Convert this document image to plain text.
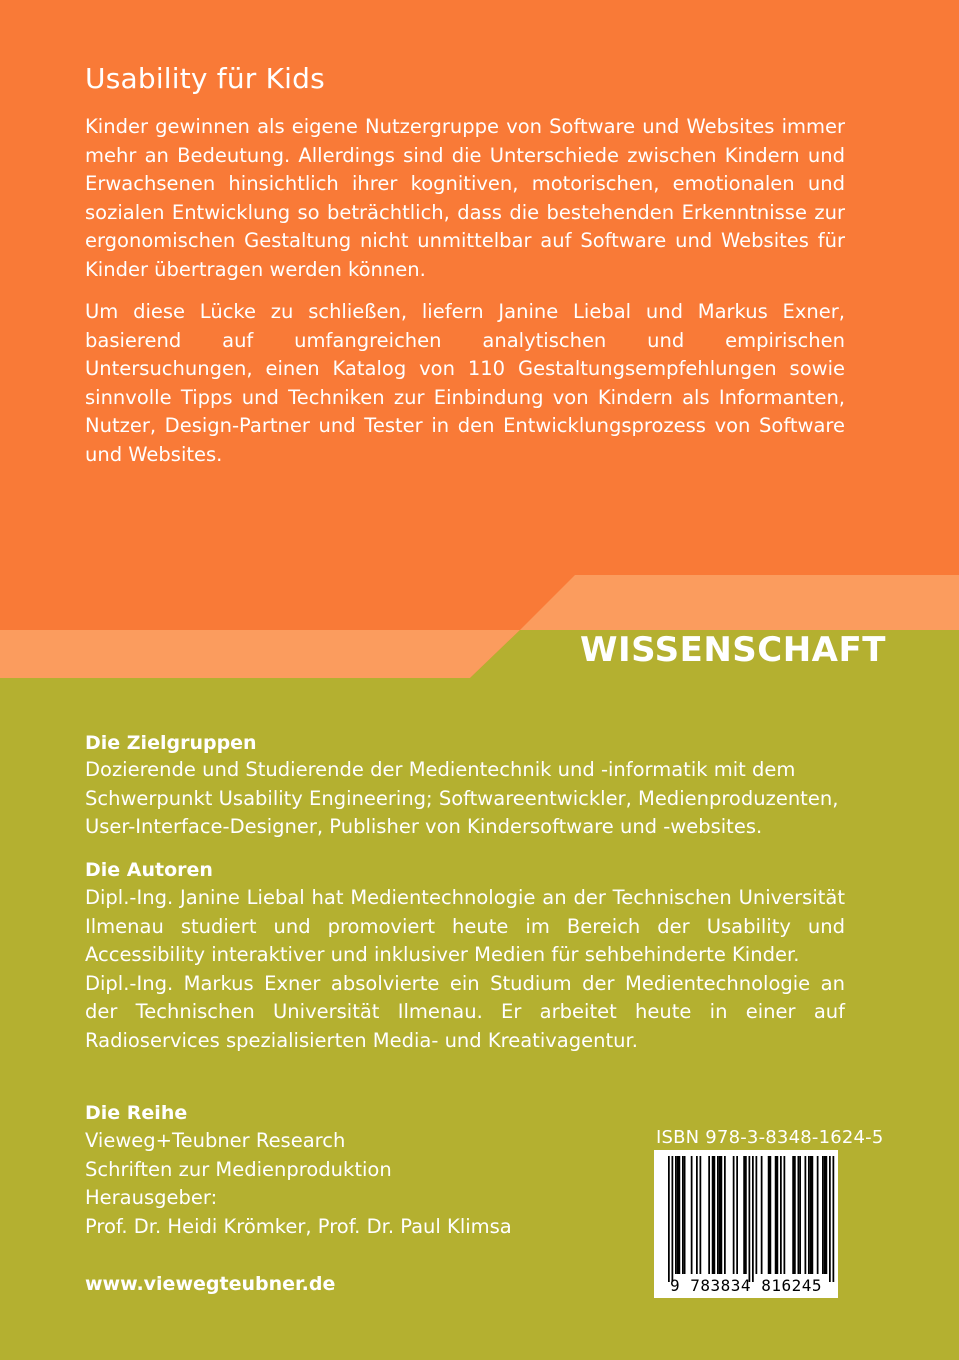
Usability für Kids

Kinder gewinnen als eigene Nutzergruppe von Software und Websites immer mehr an Bedeutung. Allerdings sind die Unterschiede zwischen Kindern und Erwachsenen hinsichtlich ihrer kognitiven, motorischen, emotionalen und sozialen Entwicklung so beträchtlich, dass die bestehenden Erkenntnisse zur ergonomischen Gestaltung nicht unmittelbar auf Software und Websites für Kinder übertragen werden können.

Um diese Lücke zu schließen, liefern Janine Liebal und Markus Exner, basierend auf umfangreichen analytischen und empirischen Untersuchungen, einen Katalog von 110 Gestaltungsempfehlungen sowie sinnvolle Tipps und Techniken zur Einbindung von Kindern als Informanten, Nutzer, Design-Partner und Tester in den Entwicklungsprozess von Software und Websites.

WISSENSCHAFT

Die Zielgruppen

Dozierende und Studierende der Medientechnik und -informatik mit dem Schwerpunkt Usability Engineering; Softwareentwickler, Medienproduzenten, User-Interface-Designer, Publisher von Kindersoftware und -websites.

Die Autoren

Dipl.-Ing. Janine Liebal hat Medientechnologie an der Technischen Universität Ilmenau studiert und promoviert heute im Bereich der Usability und Accessibility interaktiver und inklusiver Medien für sehbehinderte Kinder.
Dipl.-Ing. Markus Exner absolvierte ein Studium der Medientechnologie an der Technischen Universität Ilmenau. Er arbeitet heute in einer auf Radioservices spezialisierten Media- und Kreativagentur.

Die Reihe

Vieweg+Teubner Research
Schriften zur Medienproduktion
Herausgeber:
Prof. Dr. Heidi Krömker, Prof. Dr. Paul Klimsa

www.viewegteubner.de

ISBN 978-3-8348-1624-5

9 783834 816245
